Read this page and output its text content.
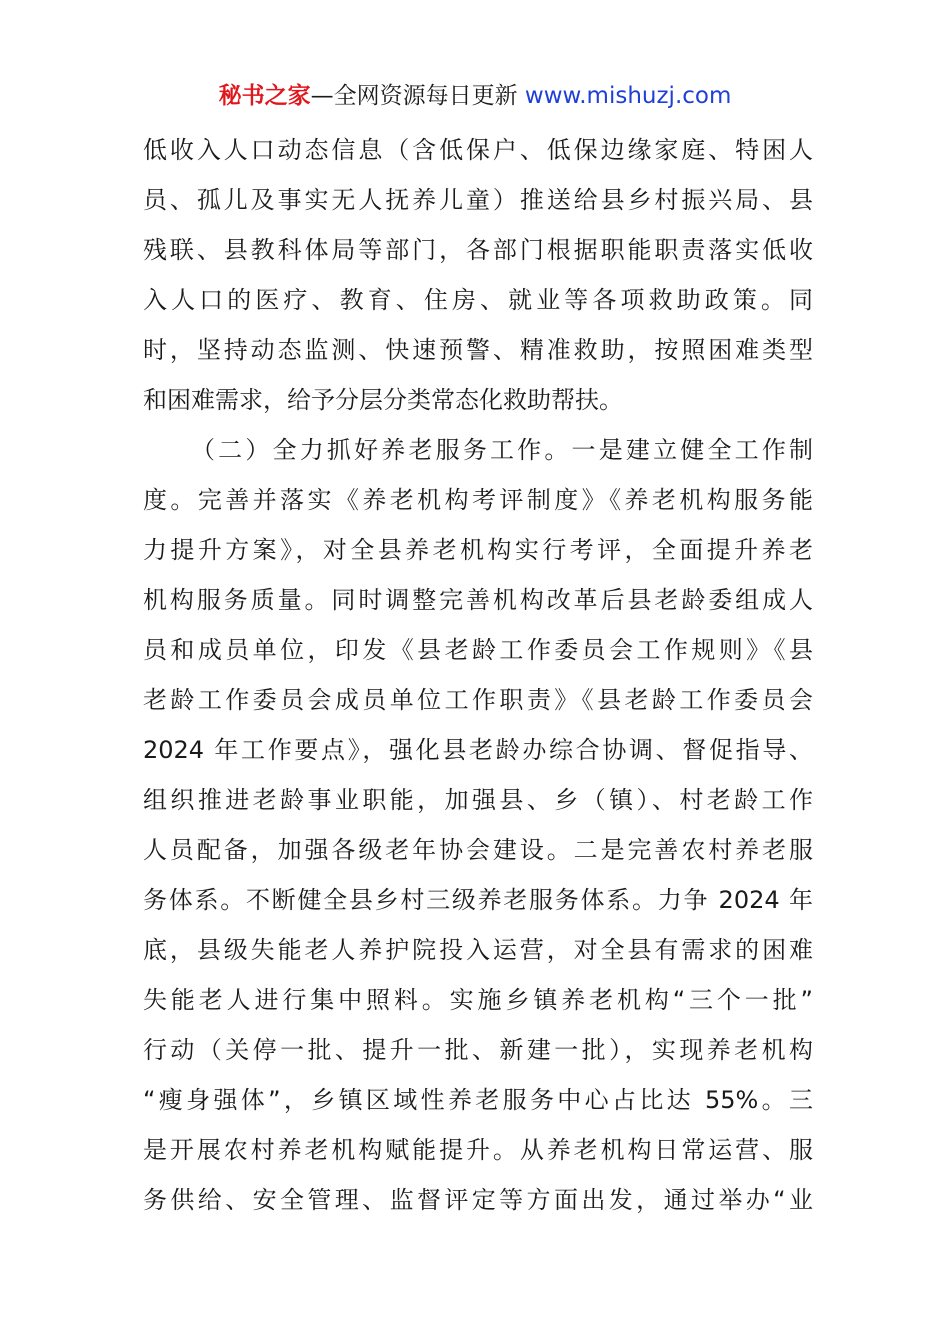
秘书之家—全网资源每日更新 www.mishuzj.com
低收入人口动态信息（含低保户、低保边缘家庭、特困人
员、孤儿及事实无人抚养儿童）推送给县乡村振兴局、县
残联、县教科体局等部门，各部门根据职能职责落实低收
入人口的医疗、教育、住房、就业等各项救助政策。同
时，坚持动态监测、快速预警、精准救助，按照困难类型
和困难需求，给予分层分类常态化救助帮扶。
（二）全力抓好养老服务工作。一是建立健全工作制
度。完善并落实《养老机构考评制度》《养老机构服务能
力提升方案》，对全县养老机构实行考评，全面提升养老
机构服务质量。同时调整完善机构改革后县老龄委组成人
员和成员单位，印发《县老龄工作委员会工作规则》《县
老龄工作委员会成员单位工作职责》《县老龄工作委员会
2024 年工作要点》，强化县老龄办综合协调、督促指导、
组织推进老龄事业职能，加强县、乡（镇）、村老龄工作
人员配备，加强各级老年协会建设。二是完善农村养老服
务体系。不断健全县乡村三级养老服务体系。力争 2024 年
底，县级失能老人养护院投入运营，对全县有需求的困难
失能老人进行集中照料。实施乡镇养老机构“三个一批”
行动（关停一批、提升一批、新建一批），实现养老机构
“瘦身强体”，乡镇区域性养老服务中心占比达 55%。三
是开展农村养老机构赋能提升。从养老机构日常运营、服
务供给、安全管理、监督评定等方面出发，通过举办“业
